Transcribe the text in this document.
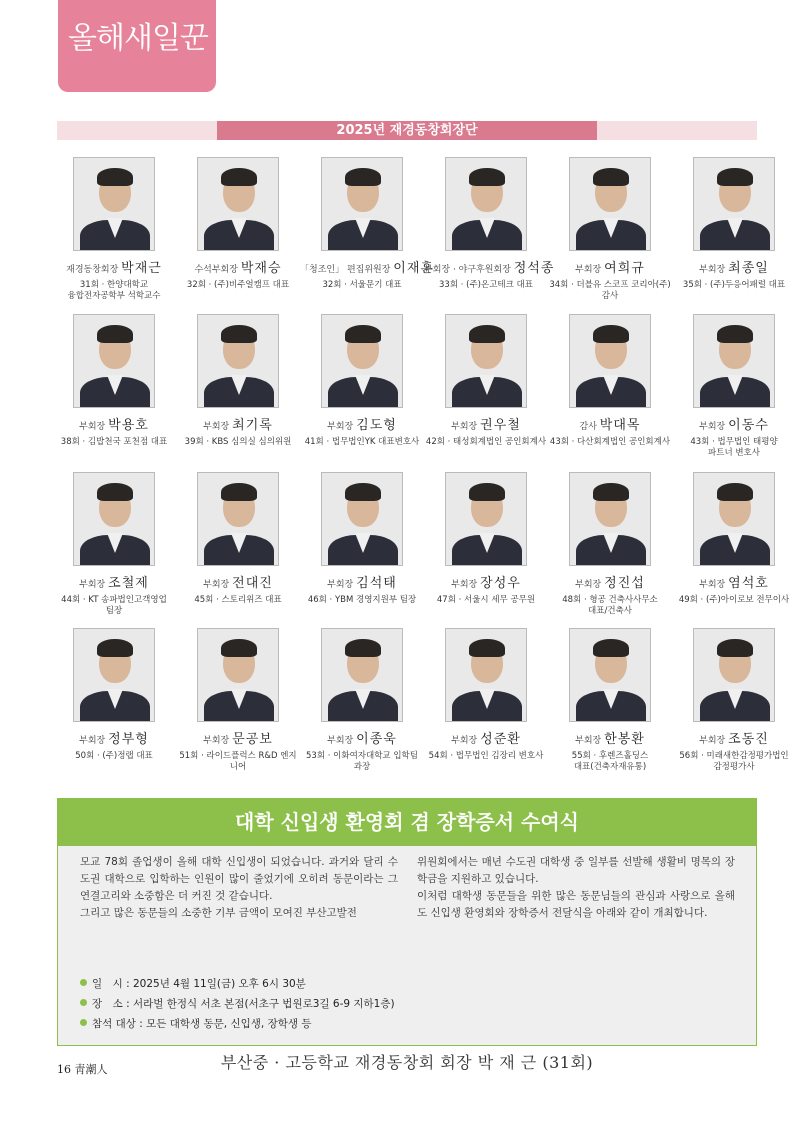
올해새일꾼
2025년 재경동창회장단
재경동창회장 박재근
31회 · 한양대학교
융합전자공학부 석학교수
수석부회장 박재승
32회 · (주)비주얼캠프 대표
「청조인」 편집위원장 이재훈
32회 · 서울문기 대표
부회장 · 야구후원회장 정석종
33회 · (주)온고테크 대표
부회장 여희규
34회 · 더블유 스코프 코리아(주)
감사
부회장 최종일
35회 · (주)두응어패럴 대표
부회장 박용호
38회 · 김밥천국 포천점 대표
부회장 최기록
39회 · KBS 심의실 심의위원
부회장 김도형
41회 · 법무법인YK 대표변호사
부회장 권우철
42회 · 태성회계법인 공인회계사
감사 박대목
43회 · 다산회계법인 공인회계사
부회장 이동수
43회 · 법무법인 태평양
파트너 변호사
부회장 조철제
44회 · KT 송파법인고객영업
팀장
부회장 전대진
45회 · 스토리위즈 대표
부회장 김석태
46회 · YBM 경영지원부 팀장
부회장 장성우
47회 · 서울시 세무 공무원
부회장 정진섭
48회 · 형공 건축사사무소
대표/건축사
부회장 염석호
49회 · (주)아이로보 전무이사
부회장 정부형
50회 · (주)정랩 대표
부회장 문공보
51회 · 라이드플럭스 R&D 엔지니어
부회장 이종욱
53회 · 이화여자대학교 입학팀
과장
부회장 성준환
54회 · 법무법인 김장리 변호사
부회장 한봉환
55회 · 후렌즈홀딩스
대표(건축자재유통)
부회장 조동진
56회 · 미래새한감정평가법인
감정평가사
대학 신입생 환영회 겸 장학증서 수여식
모교 78회 졸업생이 올해 대학 신입생이 되었습니다. 과거와 달리 수도권 대학으로 입학하는 인원이 많이 줄었기에 오히려 동문이라는 그 연결고리와 소중함은 더 커진 것 같습니다.
그리고 많은 동문들의 소중한 기부 금액이 모여진 부산고발전
위원회에서는 매년 수도권 대학생 중 일부를 선발해 생활비 명목의 장학금을 지원하고 있습니다.
이처럼 대학생 동문들을 위한 많은 동문님들의 관심과 사랑으로 올해도 신입생 환영회와 장학증서 전달식을 아래와 같이 개최합니다.
일　시 : 2025년 4월 11일(금) 오후 6시 30분
장　소 : 서라벌 한정식 서초 본점(서초구 법원로3길 6-9 지하1층)
참석 대상 : 모든 대학생 동문, 신입생, 장학생 등
부산중 · 고등학교 재경동창회 회장 박 재 근 (31회)
16 靑潮人
